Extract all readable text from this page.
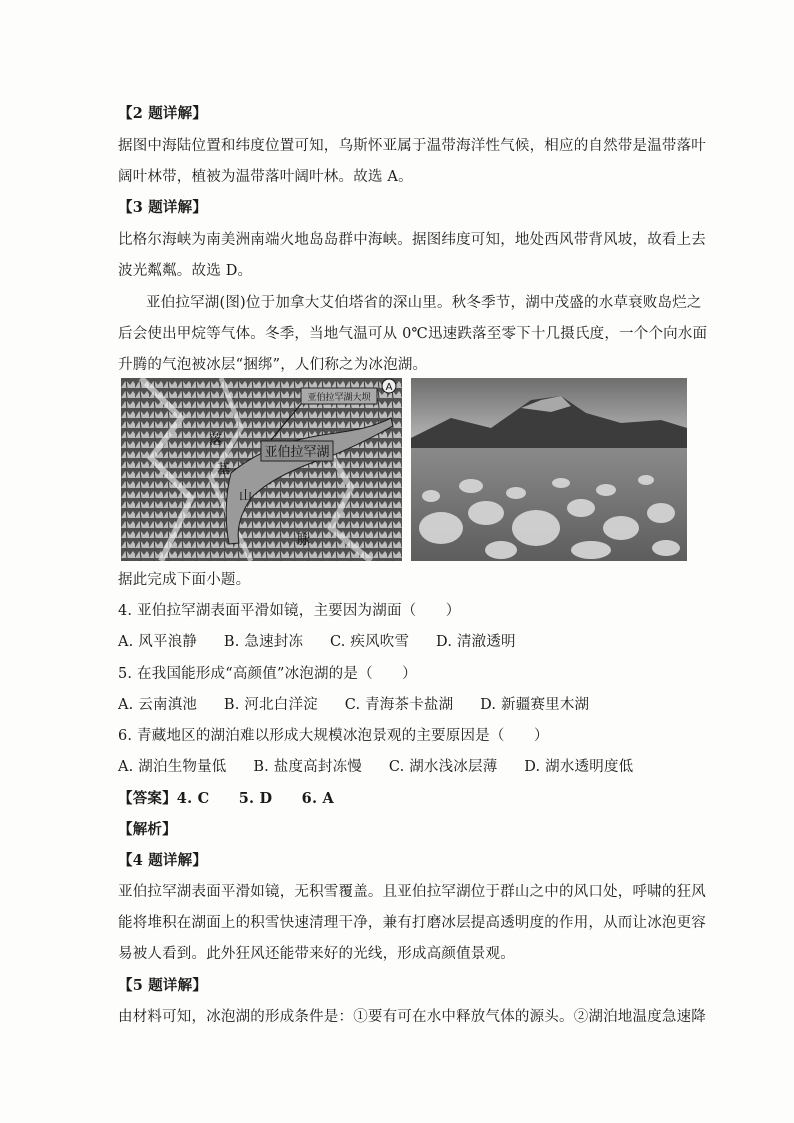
【2 题详解】
据图中海陆位置和纬度位置可知，乌斯怀亚属于温带海洋性气候，相应的自然带是温带落叶
阔叶林带，植被为温带落叶阔叶林。故选 A。
【3 题详解】
比格尔海峡为南美洲南端火地岛岛群中海峡。据图纬度可知，地处西风带背风坡，故看上去
波光粼粼。故选 D。
亚伯拉罕湖(图)位于加拿大艾伯塔省的深山里。秋冬季节，湖中茂盛的水草衰败岛烂之
后会使出甲烷等气体。冬季，当地气温可从 0℃迅速跌落至零下十几摄氏度，一个个向水面
升腾的气泡被冰层“捆绑”，人们称之为冰泡湖。
亚伯拉罕湖
亚伯拉罕湖大坝
A
落
基
山
脉
据此完成下面小题。
4. 亚伯拉罕湖表面平滑如镜，主要因为湖面（　　）
A. 风平浪静 B. 急速封冻 C. 疾风吹雪 D. 清澈透明
5. 在我国能形成“高颜值”冰泡湖的是（　　）
A. 云南滇池 B. 河北白洋淀 C. 青海茶卡盐湖 D. 新疆赛里木湖
6. 青藏地区的湖泊难以形成大规模冰泡景观的主要原因是（　　）
A. 湖泊生物量低 B. 盐度高封冻慢 C. 湖水浅冰层薄 D. 湖水透明度低
【答案】4. C　　5. D　　6. A
【解析】
【4 题详解】
亚伯拉罕湖表面平滑如镜，无积雪覆盖。且亚伯拉罕湖位于群山之中的风口处，呼啸的狂风
能将堆积在湖面上的积雪快速清理干净，兼有打磨冰层提高透明度的作用，从而让冰泡更容
易被人看到。此外狂风还能带来好的光线，形成高颜值景观。
【5 题详解】
由材料可知，冰泡湖的形成条件是：①要有可在水中释放气体的源头。②湖泊地温度急速降
